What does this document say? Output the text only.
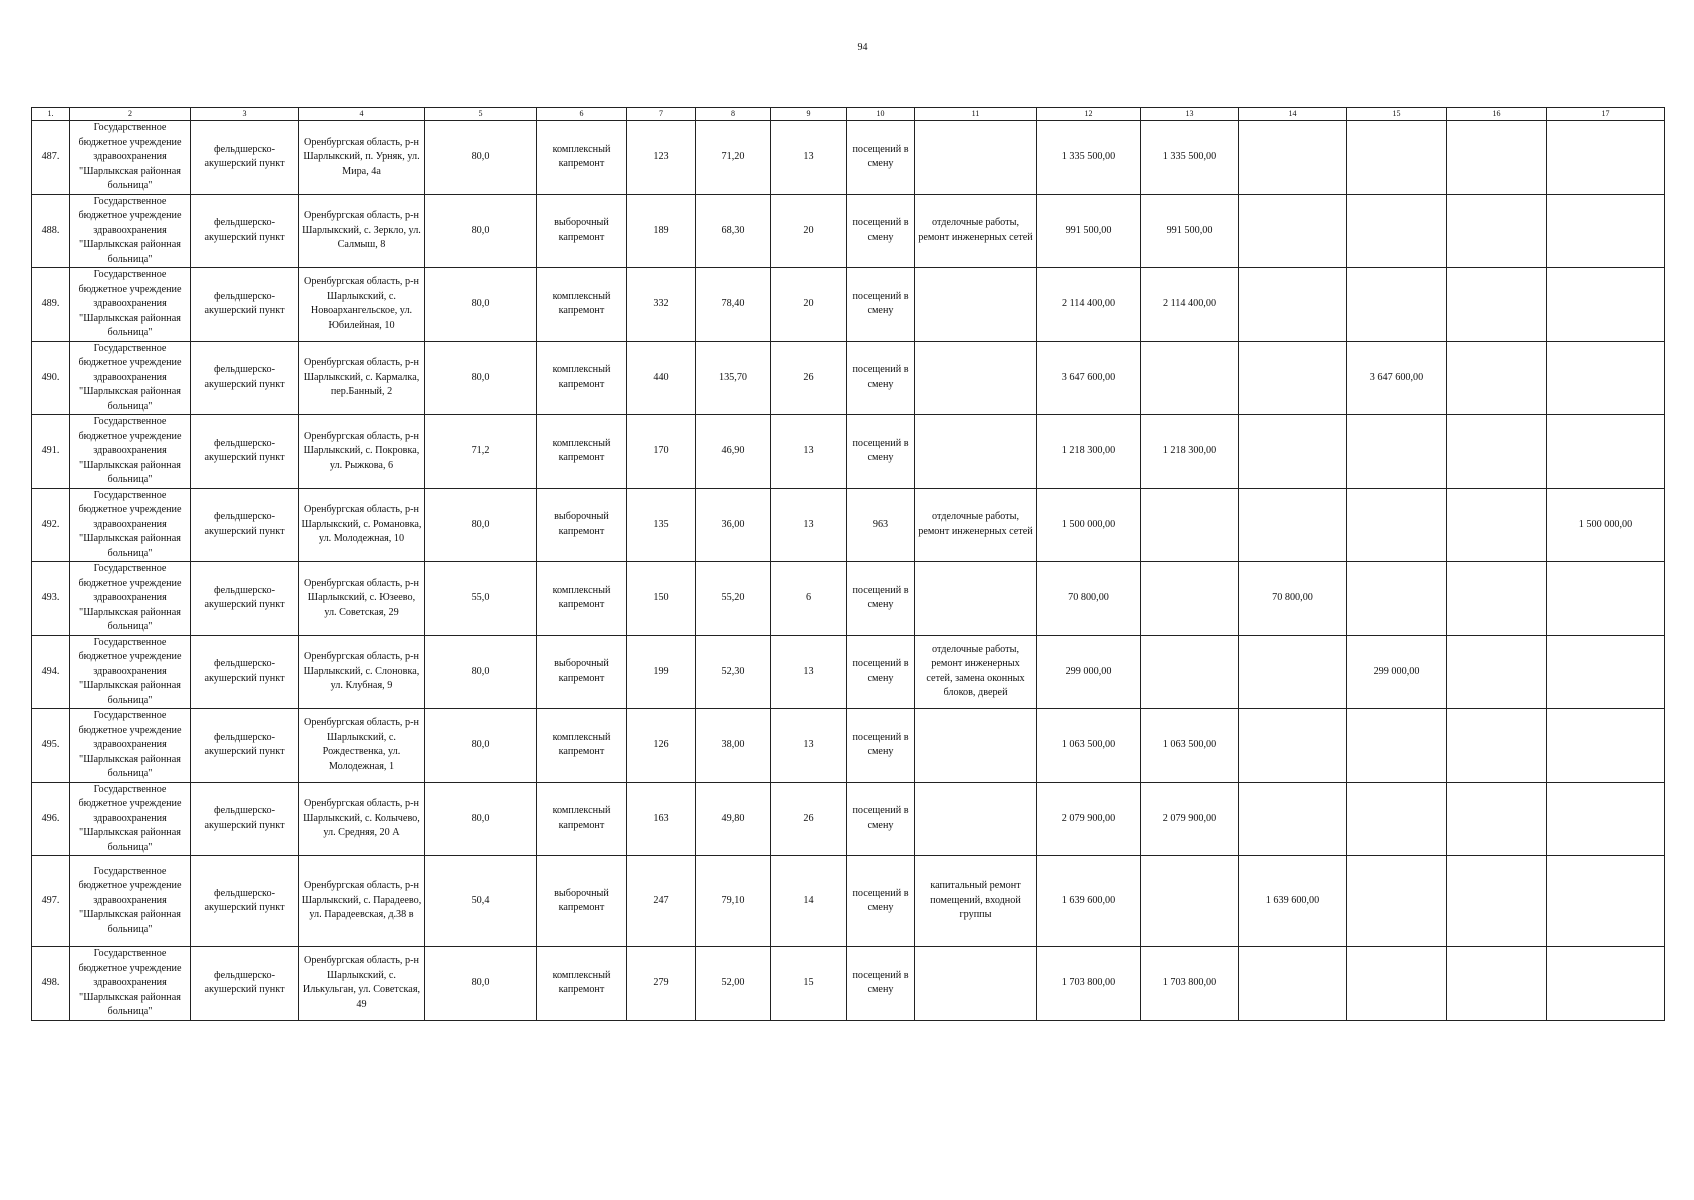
94
1.	2	3	4	5	6	7	8	9	10	11	12	13	14	15	16	17
487.	Государственное бюджетное учреждение здравоохранения "Шарлыкская районная больница"	фельдшерско-акушерский пункт	Оренбургская область, р-н Шарлыкский, п. Урняк, ул. Мира, 4а	80,0	комплексный капремонт	123	71,20	13	посещений в смену		1 335 500,00	1 335 500,00				
488.	Государственное бюджетное учреждение здравоохранения "Шарлыкская районная больница"	фельдшерско-акушерский пункт	Оренбургская область, р-н Шарлыкский, с. Зеркло, ул. Салмыш, 8	80,0	выборочный капремонт	189	68,30	20	посещений в смену	отделочные работы, ремонт инженерных сетей	991 500,00	991 500,00				
489.	Государственное бюджетное учреждение здравоохранения "Шарлыкская районная больница"	фельдшерско-акушерский пункт	Оренбургская область, р-н Шарлыкский, с. Новоархангельское, ул. Юбилейная, 10	80,0	комплексный капремонт	332	78,40	20	посещений в смену		2 114 400,00	2 114 400,00				
490.	Государственное бюджетное учреждение здравоохранения "Шарлыкская районная больница"	фельдшерско-акушерский пункт	Оренбургская область, р-н Шарлыкский, с. Кармалка, пер.Банный, 2	80,0	комплексный капремонт	440	135,70	26	посещений в смену		3 647 600,00			3 647 600,00		
491.	Государственное бюджетное учреждение здравоохранения "Шарлыкская районная больница"	фельдшерско-акушерский пункт	Оренбургская область, р-н Шарлыкский, с. Покровка, ул. Рыжкова, 6	71,2	комплексный капремонт	170	46,90	13	посещений в смену		1 218 300,00	1 218 300,00				
492.	Государственное бюджетное учреждение здравоохранения "Шарлыкская районная больница"	фельдшерско-акушерский пункт	Оренбургская область, р-н Шарлыкский, с. Романовка, ул. Молодежная, 10	80,0	выборочный капремонт	135	36,00	13	963	отделочные работы, ремонт инженерных сетей	1 500 000,00					1 500 000,00
493.	Государственное бюджетное учреждение здравоохранения "Шарлыкская районная больница"	фельдшерско-акушерский пункт	Оренбургская область, р-н Шарлыкский, с. Юзеево, ул. Советская, 29	55,0	комплексный капремонт	150	55,20	6	посещений в смену		70 800,00		70 800,00			
494.	Государственное бюджетное учреждение здравоохранения "Шарлыкская районная больница"	фельдшерско-акушерский пункт	Оренбургская область, р-н Шарлыкский, с. Слоновка, ул. Клубная, 9	80,0	выборочный капремонт	199	52,30	13	посещений в смену	отделочные работы, ремонт инженерных сетей, замена оконных блоков, дверей	299 000,00			299 000,00		
495.	Государственное бюджетное учреждение здравоохранения "Шарлыкская районная больница"	фельдшерско-акушерский пункт	Оренбургская область, р-н Шарлыкский, с. Рождественка, ул. Молодежная, 1	80,0	комплексный капремонт	126	38,00	13	посещений в смену		1 063 500,00	1 063 500,00				
496.	Государственное бюджетное учреждение здравоохранения "Шарлыкская районная больница"	фельдшерско-акушерский пункт	Оренбургская область, р-н Шарлыкский, с. Колычево, ул. Средняя, 20 А	80,0	комплексный капремонт	163	49,80	26	посещений в смену		2 079 900,00	2 079 900,00				
497.	Государственное бюджетное учреждение здравоохранения "Шарлыкская районная больница"	фельдшерско-акушерский пункт	Оренбургская область, р-н Шарлыкский, с. Парадеево, ул. Парадеевская, д.38 в	50,4	выборочный капремонт	247	79,10	14	посещений в смену	капитальный ремонт помещений, входной группы	1 639 600,00		1 639 600,00			
498.	Государственное бюджетное учреждение здравоохранения "Шарлыкская районная больница"	фельдшерско-акушерский пункт	Оренбургская область, р-н Шарлыкский, с. Илькульган, ул. Советская, 49	80,0	комплексный капремонт	279	52,00	15	посещений в смену		1 703 800,00	1 703 800,00				
